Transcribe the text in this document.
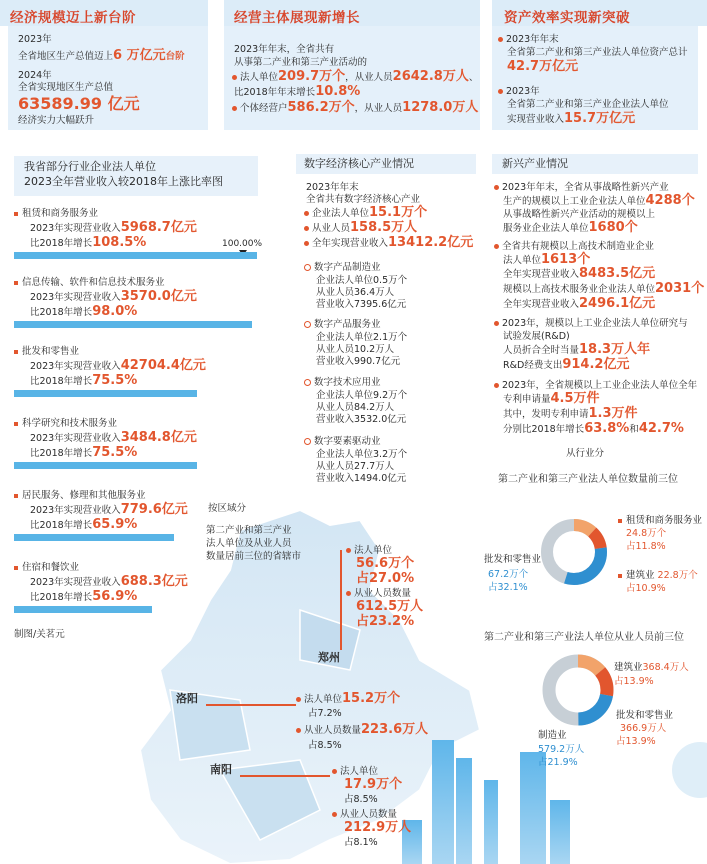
经济规模迈上新台阶
2023年
全省地区生产总值迈上6 万亿元台阶
2024年
全省实现地区生产总值
63589.99 亿元
经济实力大幅跃升
经营主体展现新增长
2023年年末，全省共有
从事第二产业和第三产业活动的
法人单位209.7万个，从业人员2642.8万人、
比2018年年末增长10.8%
个体经营户586.2万个，从业人员1278.0万人
资产效率实现新突破
2023年年末
全省第二产业和第三产业法人单位资产总计
42.7万亿元
2023年
全省第二产业和第三产业企业法人单位
实现营业收入15.7万亿元
我省部分行业企业法人单位
2023全年营业收入较2018年上涨比率图
100.00%
租赁和商务服务业
2023年实现营业收入5968.7亿元
比2018年增长108.5%
信息传输、软件和信息技术服务业
2023年实现营业收入3570.0亿元
比2018年增长98.0%
批发和零售业
2023年实现营业收入42704.4亿元
比2018年增长75.5%
科学研究和技术服务业
2023年实现营业收入3484.8亿元
比2018年增长75.5%
居民服务、修理和其他服务业
2023年实现营业收入779.6亿元
比2018年增长65.9%
住宿和餐饮业
2023年实现营业收入688.3亿元
比2018年增长56.9%
制图/关茗元
数字经济核心产业情况
2023年年末
全省共有数字经济核心产业
企业法人单位15.1万个
从业人员158.5万人
全年实现营业收入13412.2亿元
数字产品制造业
企业法人单位0.5万个
从业人员36.4万人
营业收入7395.6亿元
数字产品服务业
企业法人单位2.1万个
从业人员10.2万人
营业收入990.7亿元
数字技术应用业
企业法人单位9.2万个
从业人员84.2万人
营业收入3532.0亿元
数字要素驱动业
企业法人单位3.2万个
从业人员27.7万人
营业收入1494.0亿元
新兴产业情况
2023年年末，全省从事战略性新兴产业
生产的规模以上工业企业法人单位4288个
从事战略性新兴产业活动的规模以上
服务业企业法人单位1680个
全省共有规模以上高技术制造业企业
法人单位1613个
全年实现营业收入8483.5亿元
规模以上高技术服务业企业法人单位2031个
全年实现营业收入2496.1亿元
2023年，规模以上工业企业法人单位研究与
试验发展(R&D)
人员折合全时当量18.3万人年
R&D经费支出914.2亿元
2023年，全省规模以上工业企业法人单位全年
专利申请量4.5万件
其中，发明专利申请1.3万件
分别比2018年增长63.8%和42.7%
从行业分
第二产业和第三产业法人单位数量前三位
租赁和商务服务业
24.8万个
占11.8%
建筑业 22.8万个
占10.9%
批发和零售业
67.2万个
占32.1%
第二产业和第三产业法人单位从业人员前三位
建筑业368.4万人
占13.9%
批发和零售业
366.9万人
占13.9%
制造业
579.2万人
占21.9%
按区域分
第二产业和第三产业
法人单位及从业人员
数量居前三位的省辖市
法人单位
56.6万个
占27.0%
从业人员数量
612.5万人
占23.2%
郑州
洛阳	法人单位15.2万个
占7.2%
从业人员数量223.6万人
占8.5%
南阳	法人单位
17.9万个
占8.5%
从业人员数量
212.9万人
占8.1%
